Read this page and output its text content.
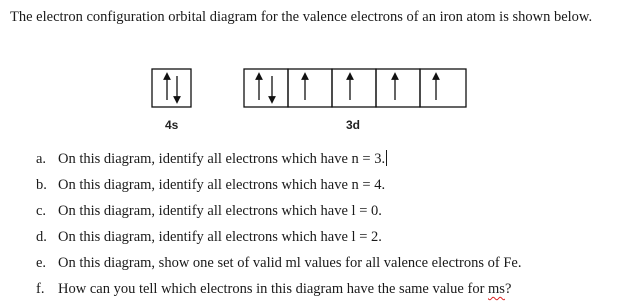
The electron configuration orbital diagram for the valence electrons of an iron atom is shown below.

4s	3d
a. On this diagram, identify all electrons which have n = 3.
b. On this diagram, identify all electrons which have n = 4.
c. On this diagram, identify all electrons which have l = 0.
d. On this diagram, identify all electrons which have l = 2.
e. On this diagram, show one set of valid ml values for all valence electrons of Fe.
f. How can you tell which electrons in this diagram have the same value for ms?
